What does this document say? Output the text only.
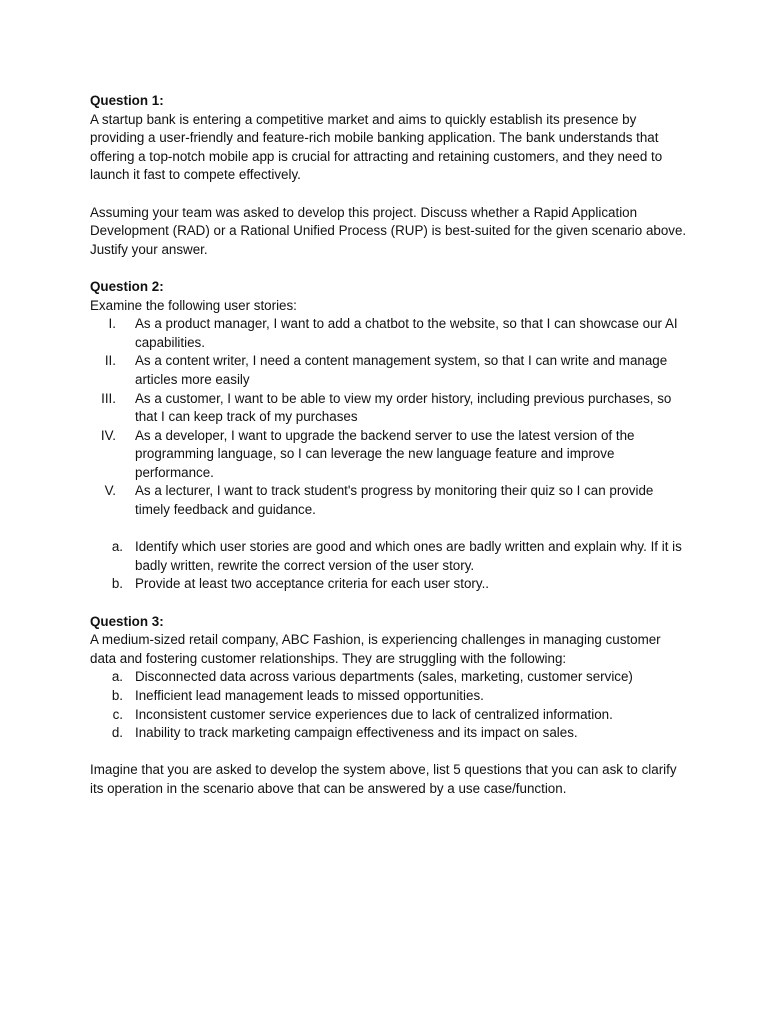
Question 1:

A startup bank is entering a competitive market and aims to quickly establish its presence by providing a user-friendly and feature-rich mobile banking application. The bank understands that offering a top-notch mobile app is crucial for attracting and retaining customers, and they need to launch it fast to compete effectively.

Assuming your team was asked to develop this project. Discuss whether a Rapid Application Development (RAD) or a Rational Unified Process (RUP) is best-suited for the given scenario above. Justify your answer.

Question 2:

Examine the following user stories:

I. As a product manager, I want to add a chatbot to the website, so that I can showcase our AI capabilities.
II. As a content writer, I need a content management system, so that I can write and manage articles more easily
III. As a customer, I want to be able to view my order history, including previous purchases, so that I can keep track of my purchases
IV. As a developer, I want to upgrade the backend server to use the latest version of the programming language, so I can leverage the new language feature and improve performance.
V. As a lecturer, I want to track student's progress by monitoring their quiz so I can provide timely feedback and guidance.
a. Identify which user stories are good and which ones are badly written and explain why. If it is badly written, rewrite the correct version of the user story.
b. Provide at least two acceptance criteria for each user story..

Question 3:

A medium-sized retail company, ABC Fashion, is experiencing challenges in managing customer data and fostering customer relationships. They are struggling with the following:

a. Disconnected data across various departments (sales, marketing, customer service)
b. Inefficient lead management leads to missed opportunities.
c. Inconsistent customer service experiences due to lack of centralized information.
d. Inability to track marketing campaign effectiveness and its impact on sales.

Imagine that you are asked to develop the system above, list 5 questions that you can ask to clarify its operation in the scenario above that can be answered by a use case/function.
